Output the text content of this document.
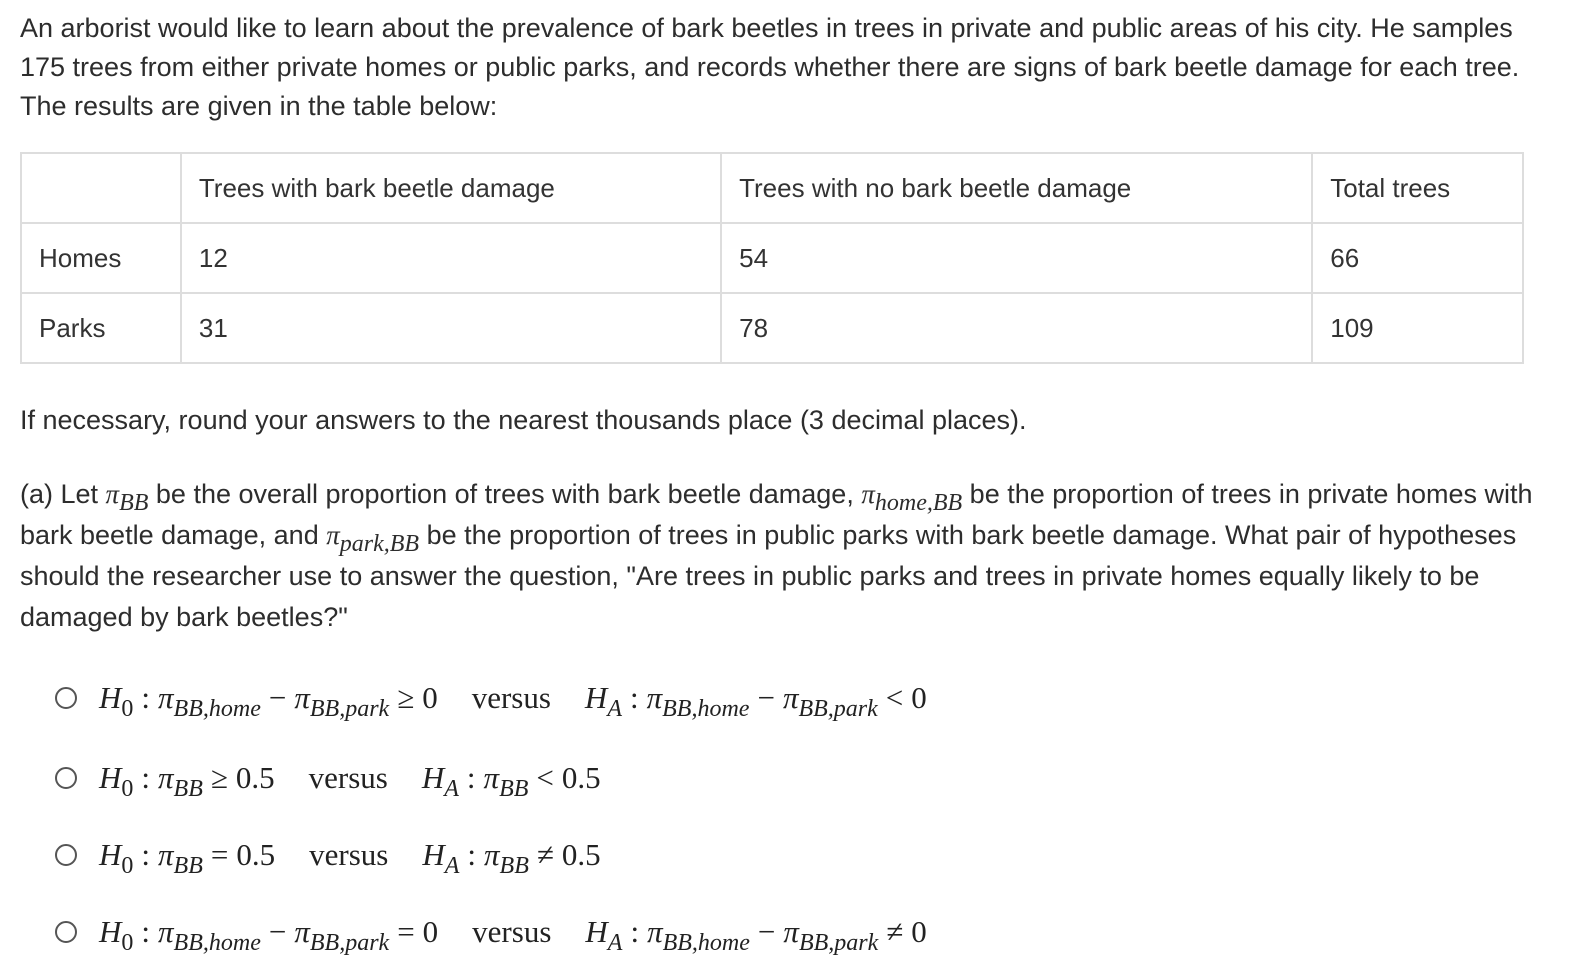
An arborist would like to learn about the prevalence of bark beetles in trees in private and public areas of his city. He samples 175 trees from either private homes or public parks, and records whether there are signs of bark beetle damage for each tree. The results are given in the table below:

	Trees with bark beetle damage	Trees with no bark beetle damage	Total trees
Homes	12	54	66
Parks	31	78	109

If necessary, round your answers to the nearest thousands place (3 decimal places).

(a) Let $\pi_{BB}$ be the overall proportion of trees with bark beetle damage, $\pi_{home,BB}$ be the proportion of trees in private homes with bark beetle damage, and $\pi_{park,BB}$ be the proportion of trees in public parks with bark beetle damage. What pair of hypotheses should the researcher use to answer the question, "Are trees in public parks and trees in private homes equally likely to be damaged by bark beetles?"

$H_0$ : $\pi_{BB,home} - \pi_{BB,park} \ge 0$ versus $H_A$ : $\pi_{BB,home} - \pi_{BB,park} < 0$
$H_0$ : $\pi_{BB} \ge 0.5$ versus $H_A$ : $\pi_{BB} < 0.5$
$H_0$ : $\pi_{BB} = 0.5$ versus $H_A$ : $\pi_{BB} \ne 0.5$
$H_0$ : $\pi_{BB,home} - \pi_{BB,park} = 0$ versus $H_A$ : $\pi_{BB,home} - \pi_{BB,park} \ne 0$
